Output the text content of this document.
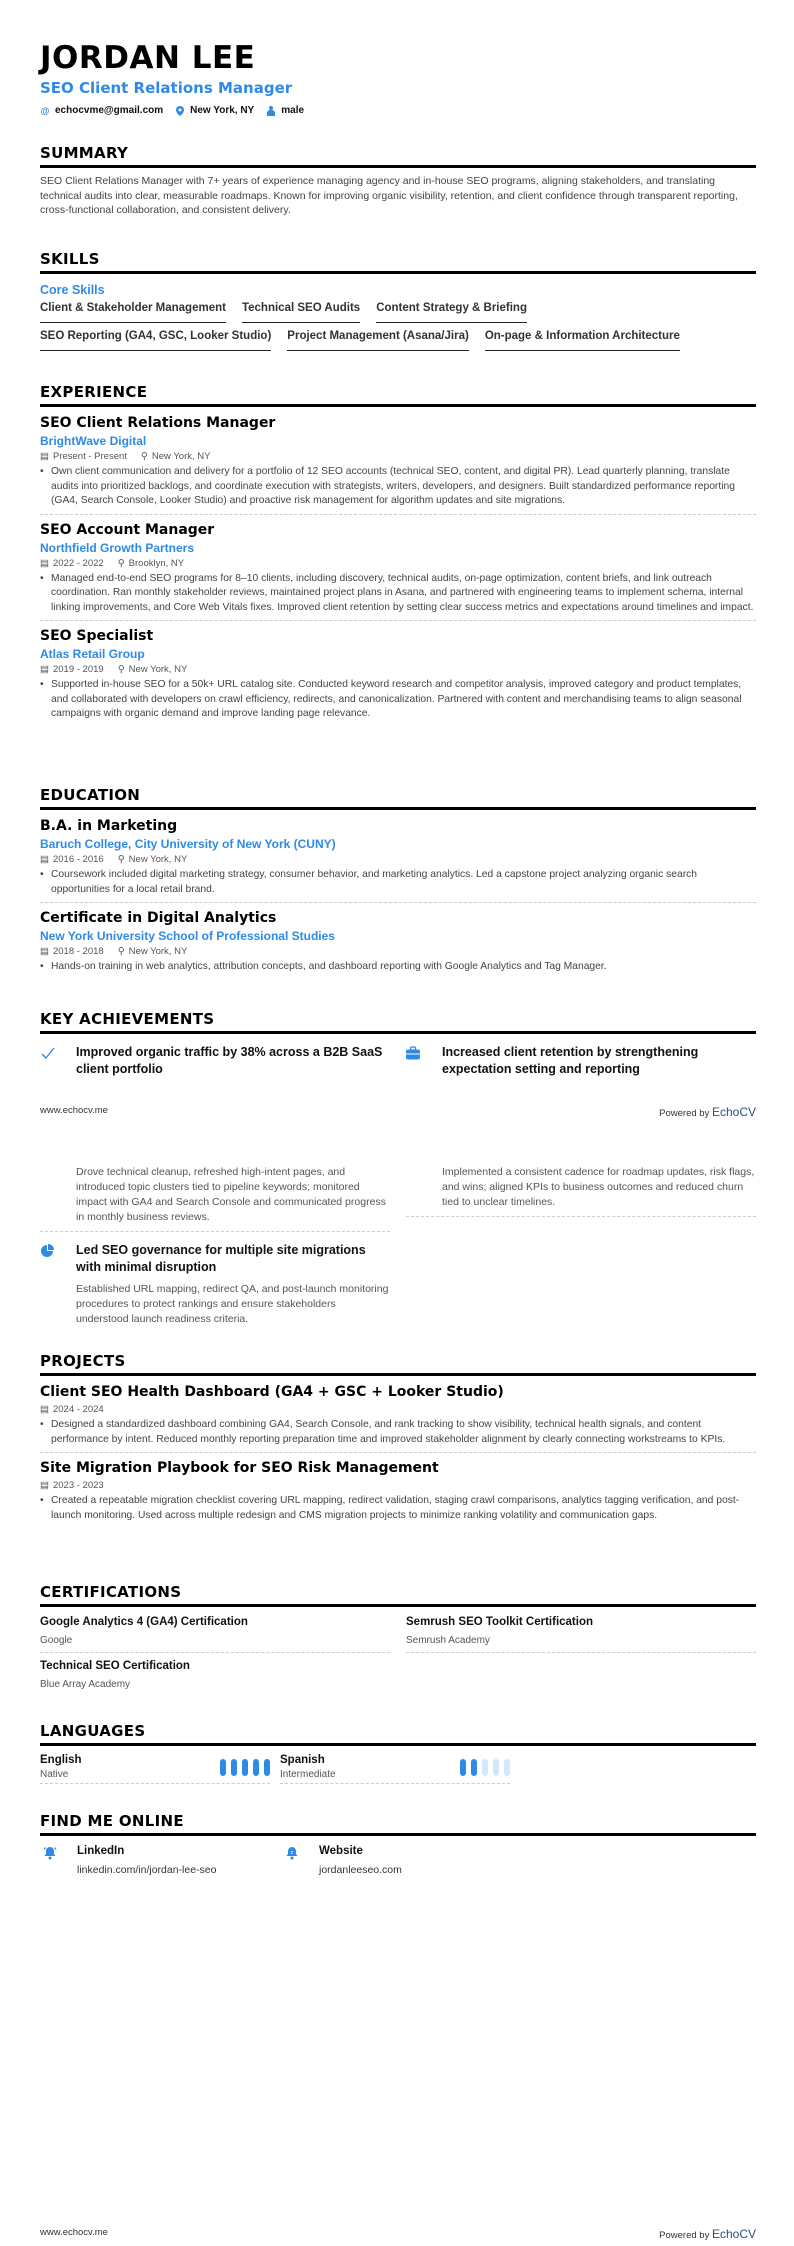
JORDAN LEE
SEO Client Relations Manager
@ echocvme@gmail.com	New York, NY	male
SUMMARY
SEO Client Relations Manager with 7+ years of experience managing agency and in-house SEO programs, aligning stakeholders, and translating technical audits into clear, measurable roadmaps. Known for improving organic visibility, retention, and client confidence through transparent reporting, cross-functional collaboration, and consistent delivery.
SKILLS
Core Skills
Client & Stakeholder Management Technical SEO Audits Content Strategy & Briefing
SEO Reporting (GA4, GSC, Looker Studio) Project Management (Asana/Jira) On-page & Information Architecture
EXPERIENCE
SEO Client Relations Manager
BrightWave Digital
▤ Present - Present ⚲ New York, NY
• Own client communication and delivery for a portfolio of 12 SEO accounts (technical SEO, content, and digital PR). Lead quarterly planning, translate audits into prioritized backlogs, and coordinate execution with strategists, writers, developers, and designers. Built standardized performance reporting (GA4, Search Console, Looker Studio) and proactive risk management for algorithm updates and site migrations.
SEO Account Manager
Northfield Growth Partners
▤ 2022 - 2022 ⚲ Brooklyn, NY
• Managed end-to-end SEO programs for 8–10 clients, including discovery, technical audits, on-page optimization, content briefs, and link outreach coordination. Ran monthly stakeholder reviews, maintained project plans in Asana, and partnered with engineering teams to implement schema, internal linking improvements, and Core Web Vitals fixes. Improved client retention by setting clear success metrics and expectations around timelines and impact.
SEO Specialist
Atlas Retail Group
▤ 2019 - 2019 ⚲ New York, NY
• Supported in-house SEO for a 50k+ URL catalog site. Conducted keyword research and competitor analysis, improved category and product templates, and collaborated with developers on crawl efficiency, redirects, and canonicalization. Partnered with content and merchandising teams to align seasonal campaigns with organic demand and improve landing page relevance.
EDUCATION
B.A. in Marketing
Baruch College, City University of New York (CUNY)
▤ 2016 - 2016 ⚲ New York, NY
• Coursework included digital marketing strategy, consumer behavior, and marketing analytics. Led a capstone project analyzing organic search opportunities for a local retail brand.
Certificate in Digital Analytics
New York University School of Professional Studies
▤ 2018 - 2018 ⚲ New York, NY
• Hands-on training in web analytics, attribution concepts, and dashboard reporting with Google Analytics and Tag Manager.
KEY ACHIEVEMENTS
Improved organic traffic by 38% across a B2B SaaS client portfolio
Increased client retention by strengthening expectation setting and reporting
www.echocv.me	Powered by EchoCV
Drove technical cleanup, refreshed high-intent pages, and introduced topic clusters tied to pipeline keywords; monitored impact with GA4 and Search Console and communicated progress in monthly business reviews.
Implemented a consistent cadence for roadmap updates, risk flags, and wins; aligned KPIs to business outcomes and reduced churn tied to unclear timelines.
Led SEO governance for multiple site migrations with minimal disruption
Established URL mapping, redirect QA, and post-launch monitoring procedures to protect rankings and ensure stakeholders understood launch readiness criteria.
PROJECTS
Client SEO Health Dashboard (GA4 + GSC + Looker Studio)
▤ 2024 - 2024
• Designed a standardized dashboard combining GA4, Search Console, and rank tracking to show visibility, technical health signals, and content performance by intent. Reduced monthly reporting preparation time and improved stakeholder alignment by clearly connecting workstreams to KPIs.
Site Migration Playbook for SEO Risk Management
▤ 2023 - 2023
• Created a repeatable migration checklist covering URL mapping, redirect validation, staging crawl comparisons, analytics tagging verification, and post-launch monitoring. Used across multiple redesign and CMS migration projects to minimize ranking volatility and communication gaps.
CERTIFICATIONS
Google Analytics 4 (GA4) Certification
Google
Semrush SEO Toolkit Certification
Semrush Academy
Technical SEO Certification
Blue Array Academy
LANGUAGES
English
Native
Spanish
Intermediate
FIND ME ONLINE
LinkedIn
linkedin.com/in/jordan-lee-seo
z Website
jordanleeseo.com
www.echocv.me	Powered by EchoCV
